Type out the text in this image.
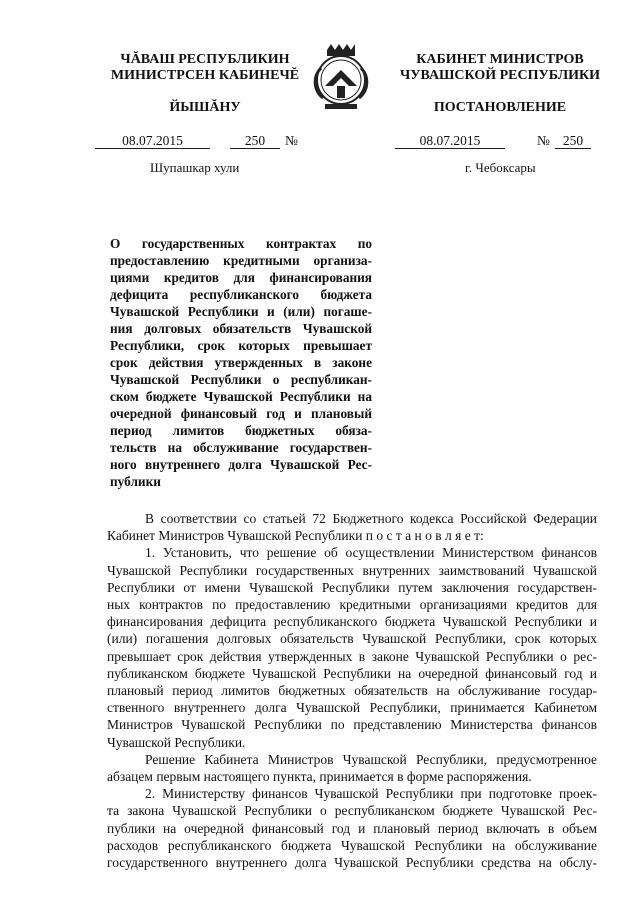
ЧĂВАШ РЕСПУБЛИКИН
МИНИСТРСЕН КАБИНЕЧĔ
ЙЫШĂНУ
КАБИНЕТ МИНИСТРОВ
ЧУВАШСКОЙ РЕСПУБЛИКИ
ПОСТАНОВЛЕНИЕ
08.07.2015	250	№	08.07.2015	№ 250
Шупашкар хули	г. Чебоксары
О государственных контрактах по
предоставлению кредитными организа-
циями кредитов для финансирования
дефицита республиканского бюджета
Чувашской Республики и (или) погаше-
ния долговых обязательств Чувашской
Республики, срок которых превышает
срок действия утвержденных в законе
Чувашской Республики о республикан-
ском бюджете Чувашской Республики на
очередной финансовый год и плановый
период лимитов бюджетных обяза-
тельств на обслуживание государствен-
ного внутреннего долга Чувашской Рес-
публики
В соответствии со статьей 72 Бюджетного кодекса Российской Федерации
Кабинет Министров Чувашской Республики п о с т а н о в л я е т:
1. Установить, что решение об осуществлении Министерством финансов
Чувашской Республики государственных внутренних заимствований Чувашской
Республики от имени Чувашской Республики путем заключения государствен-
ных контрактов по предоставлению кредитными организациями кредитов для
финансирования дефицита республиканского бюджета Чувашской Республики и
(или) погашения долговых обязательств Чувашской Республики, срок которых
превышает срок действия утвержденных в законе Чувашской Республики о рес-
публиканском бюджете Чувашской Республики на очередной финансовый год и
плановый период лимитов бюджетных обязательств на обслуживание государ-
ственного внутреннего долга Чувашской Республики, принимается Кабинетом
Министров Чувашской Республики по представлению Министерства финансов
Чувашской Республики.
Решение Кабинета Министров Чувашской Республики, предусмотренное
абзацем первым настоящего пункта, принимается в форме распоряжения.
2. Министерству финансов Чувашской Республики при подготовке проек-
та закона Чувашской Республики о республиканском бюджете Чувашской Рес-
публики на очередной финансовый год и плановый период включать в объем
расходов республиканского бюджета Чувашской Республики на обслуживание
государственного внутреннего долга Чувашской Республики средства на обслу-
